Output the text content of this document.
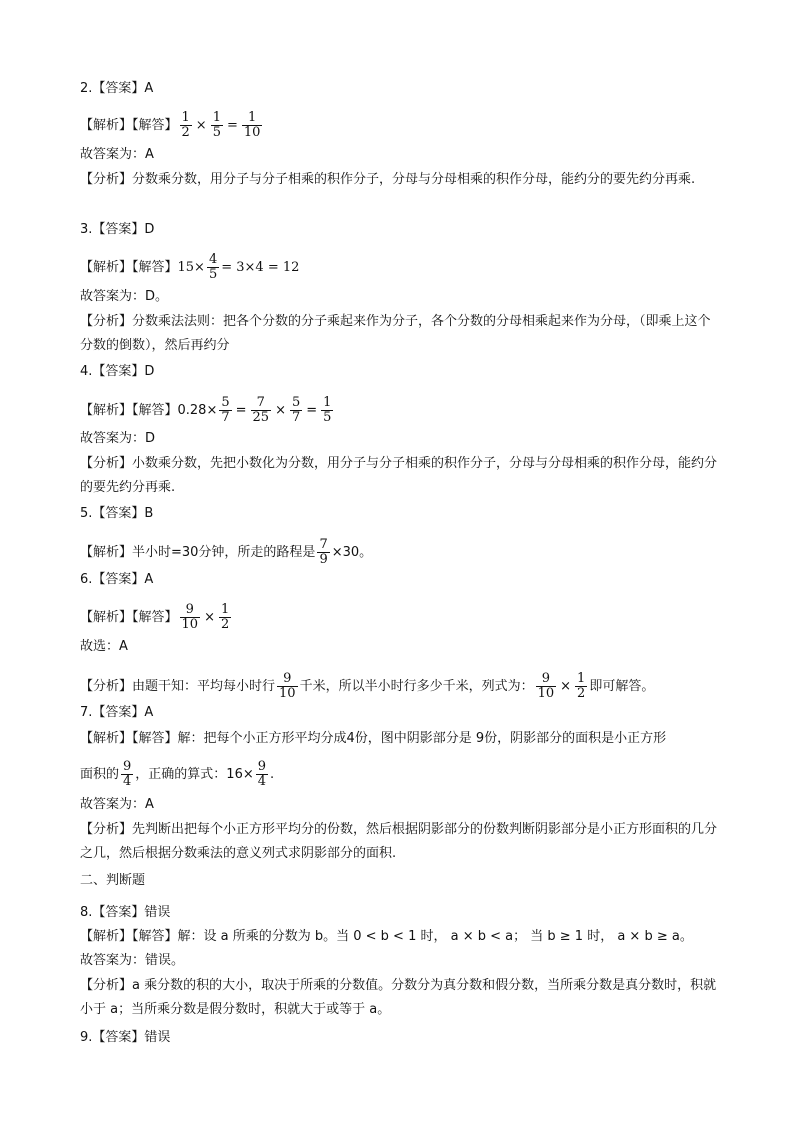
2.【答案】A
【解析】【解答】 $\frac{1}{2} \times \frac{1}{5} = \frac{1}{10}$
故答案为：A
【分析】分数乘分数，用分子与分子相乘的积作分子，分母与分母相乘的积作分母，能约分的要先约分再乘.
3.【答案】D
【解析】【解答】$15\times \frac{4}{5} = 3\times 4 = 12$
故答案为：D。
【分析】分数乘法法则：把各个分数的分子乘起来作为分子，各个分数的分母相乘起来作为分母，（即乘上这个分数的倒数），然后再约分
4.【答案】D
【解析】【解答】$0.28\times \frac{5}{7} = \frac{7}{25} \times \frac{5}{7} = \frac{1}{5}$
故答案为：D
【分析】小数乘分数，先把小数化为分数，用分子与分子相乘的积作分子，分母与分母相乘的积作分母，能约分的要先约分再乘.
5.【答案】B
【解析】半小时=30分钟，所走的路程是 $\frac{7}{9} \times 30$。
6.【答案】A
【解析】【解答】 $\frac{9}{10} \times \frac{1}{2}$
故选：A
【分析】由题干知：平均每小时行 $\frac{9}{10}$ 千米，所以半小时行多少千米，列式为： $\frac{9}{10} \times \frac{1}{2}$ 即可解答。
7.【答案】A
【解析】【解答】解：把每个小正方形平均分成4份，图中阴影部分是 9份，阴影部分的面积是小正方形
面积的 $\frac{9}{4}$ ，正确的算式：$16\times \frac{9}{4}$ .
故答案为：A
【分析】先判断出把每个小正方形平均分的份数，然后根据阴影部分的份数判断阴影部分是小正方形面积的几分之几，然后根据分数乘法的意义列式求阴影部分的面积.
二、判断题
8.【答案】错误
【解析】【解答】解：设 a 所乘的分数为 b。当 0 < b < 1 时， a × b < a； 当 b ≥ 1 时， a × b ≥ a。
故答案为：错误。
【分析】a 乘分数的积的大小，取决于所乘的分数值。分数分为真分数和假分数，当所乘分数是真分数时，积就小于 a；当所乘分数是假分数时，积就大于或等于 a。
9.【答案】错误
